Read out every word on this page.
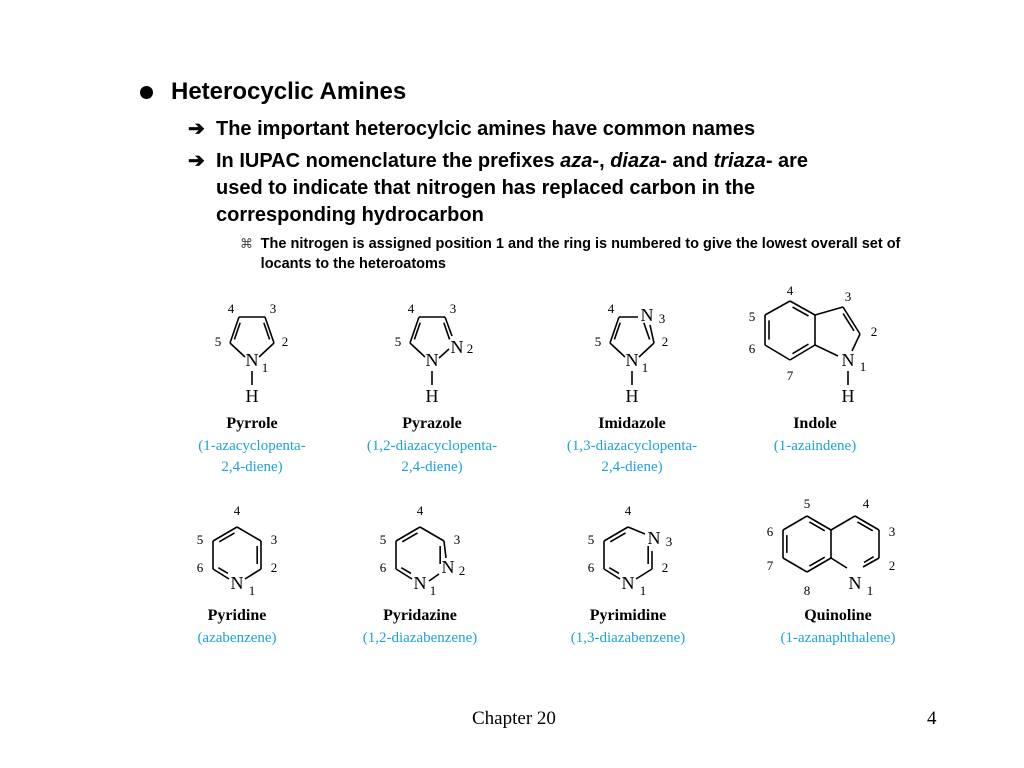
Heterocyclic Amines
➔ The important heterocylcic amines have common names
➔ In IUPAC nomenclature the prefixes aza-, diaza- and triaza- are used to indicate that nitrogen has replaced carbon in the corresponding hydrocarbon
⌘ The nitrogen is assigned position 1 and the ring is numbered to give the lowest overall set of locants to the heteroatoms
N 1
2
3
4
5
H
Pyrrole
(1-azacyclopenta-
2,4-diene)
N
N 2
3
4
5
H
Pyrazole
(1,2-diazacyclopenta-
2,4-diene)
N
N
1
2
3
4
5
H
Imidazole
(1,3-diazacyclopenta-
2,4-diene)
N 1
2
3
4
5
6
7
H
Indole
(1-azaindene)
N 1
2
3
4
5
6
Pyridine
(azabenzene)
N
N
1
2
3
4
5
6
Pyridazine
(1,2-diazabenzene)
N
N
1
2
3
4
5
6
Pyrimidine
(1,3-diazabenzene)
N 1
2
3
4
5
6
7
8
Quinoline
(1-azanaphthalene)
Chapter 20	4
